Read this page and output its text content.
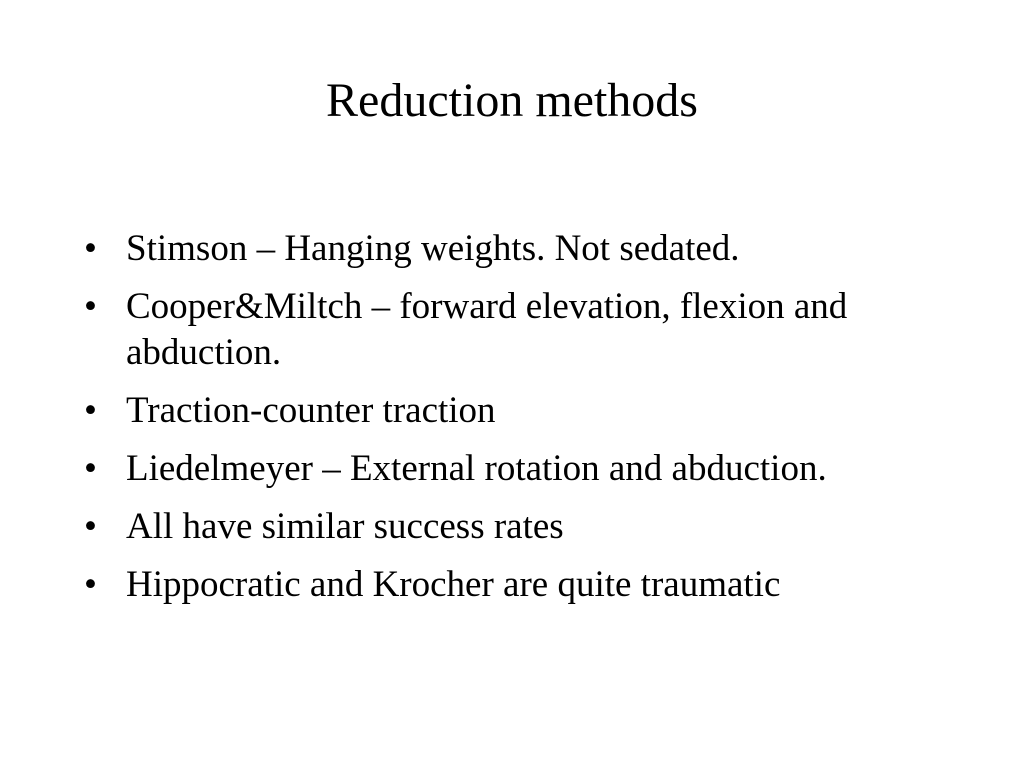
Reduction methods
• Stimson – Hanging weights. Not sedated.
• Cooper&Miltch – forward elevation, flexion and abduction.
• Traction-counter traction
• Liedelmeyer – External rotation and abduction.
• All have similar success rates
• Hippocratic and Krocher are quite traumatic
